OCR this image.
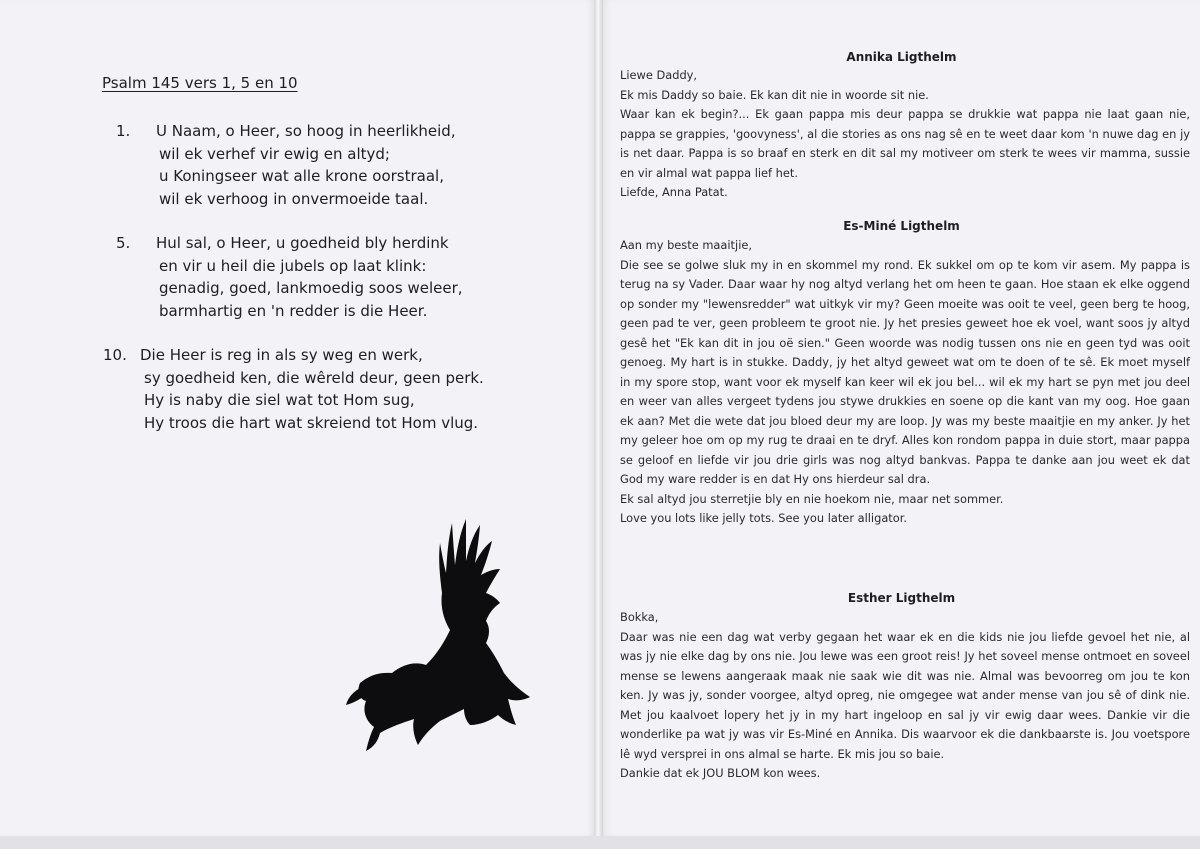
Psalm 145 vers 1, 5 en 10
1. U Naam, o Heer, so hoog in heerlikheid,
wil ek verhef vir ewig en altyd;
u Koningseer wat alle krone oorstraal,
wil ek verhoog in onvermoeide taal.
5. Hul sal, o Heer, u goedheid bly herdink
en vir u heil die jubels op laat klink:
genadig, goed, lankmoedig soos weleer,
barmhartig en 'n redder is die Heer.
10. Die Heer is reg in als sy weg en werk,
sy goedheid ken, die wêreld deur, geen perk.
Hy is naby die siel wat tot Hom sug,
Hy troos die hart wat skreiend tot Hom vlug.
Annika Ligthelm

Liewe Daddy,

Ek mis Daddy so baie. Ek kan dit nie in woorde sit nie.

Waar kan ek begin?... Ek gaan pappa mis deur pappa se drukkie wat pappa nie laat gaan nie, pappa se grappies, 'goovyness', al die stories as ons nag sê en te weet daar kom 'n nuwe dag en jy is net daar. Pappa is so braaf en sterk en dit sal my motiveer om sterk te wees vir mamma, sussie en vir almal wat pappa lief het.

Liefde, Anna Patat.

Es-Miné Ligthelm

Aan my beste maaitjie,

Die see se golwe sluk my in en skommel my rond. Ek sukkel om op te kom vir asem. My pappa is terug na sy Vader. Daar waar hy nog altyd verlang het om heen te gaan. Hoe staan ek elke oggend op sonder my "lewensredder" wat uitkyk vir my? Geen moeite was ooit te veel, geen berg te hoog, geen pad te ver, geen probleem te groot nie. Jy het presies geweet hoe ek voel, want soos jy altyd gesê het "Ek kan dit in jou oë sien." Geen woorde was nodig tussen ons nie en geen tyd was ooit genoeg. My hart is in stukke. Daddy, jy het altyd geweet wat om te doen of te sê. Ek moet myself in my spore stop, want voor ek myself kan keer wil ek jou bel... wil ek my hart se pyn met jou deel en weer van alles vergeet tydens jou stywe drukkies en soene op die kant van my oog. Hoe gaan ek aan? Met die wete dat jou bloed deur my are loop. Jy was my beste maaitjie en my anker. Jy het my geleer hoe om op my rug te draai en te dryf. Alles kon rondom pappa in duie stort, maar pappa se geloof en liefde vir jou drie girls was nog altyd bankvas. Pappa te danke aan jou weet ek dat God my ware redder is en dat Hy ons hierdeur sal dra.

Ek sal altyd jou sterretjie bly en nie hoekom nie, maar net sommer.

Love you lots like jelly tots. See you later alligator.

Esther Ligthelm

Bokka,

Daar was nie een dag wat verby gegaan het waar ek en die kids nie jou liefde gevoel het nie, al was jy nie elke dag by ons nie. Jou lewe was een groot reis! Jy het soveel mense ontmoet en soveel mense se lewens aangeraak maak nie saak wie dit was nie. Almal was bevoorreg om jou te kon ken. Jy was jy, sonder voorgee, altyd opreg, nie omgegee wat ander mense van jou sê of dink nie. Met jou kaalvoet lopery het jy in my hart ingeloop en sal jy vir ewig daar wees. Dankie vir die wonderlike pa wat jy was vir Es-Miné en Annika. Dis waarvoor ek die dankbaarste is. Jou voetspore lê wyd versprei in ons almal se harte. Ek mis jou so baie.

Dankie dat ek JOU BLOM kon wees.
